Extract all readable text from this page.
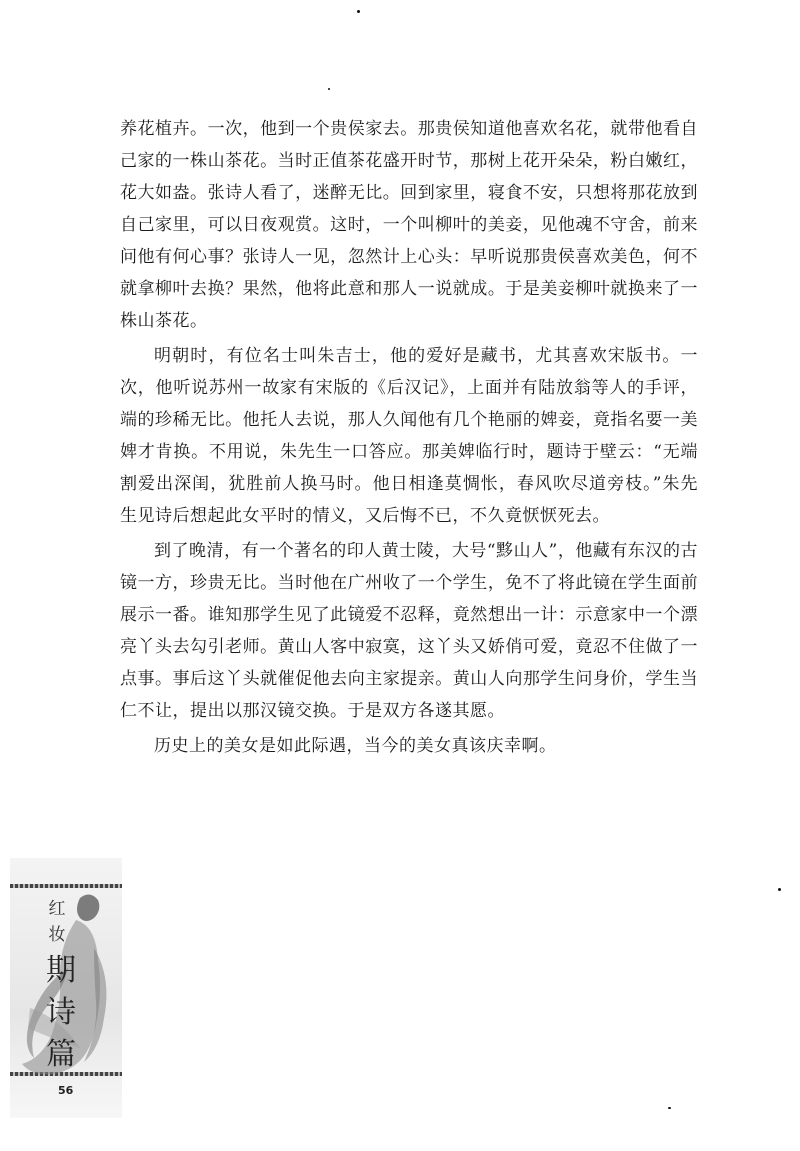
养花植卉。一次，他到一个贵侯家去。那贵侯知道他喜欢名花，就带他看自己家的一株山茶花。当时正值茶花盛开时节，那树上花开朵朵，粉白嫩红，花大如盎。张诗人看了，迷醉无比。回到家里，寝食不安，只想将那花放到自己家里，可以日夜观赏。这时，一个叫柳叶的美妾，见他魂不守舍，前来问他有何心事？张诗人一见，忽然计上心头：早听说那贵侯喜欢美色，何不就拿柳叶去换？果然，他将此意和那人一说就成。于是美妾柳叶就换来了一株山茶花。

明朝时，有位名士叫朱吉士，他的爱好是藏书，尤其喜欢宋版书。一次，他听说苏州一故家有宋版的《后汉记》，上面并有陆放翁等人的手评，端的珍稀无比。他托人去说，那人久闻他有几个艳丽的婢妾，竟指名要一美婢才肯换。不用说，朱先生一口答应。那美婢临行时，题诗于壁云：“无端割爱出深闺，犹胜前人换马时。他日相逢莫惆怅，春风吹尽道旁枝。”朱先生见诗后想起此女平时的情义，又后悔不已，不久竟恹恹死去。

到了晚清，有一个著名的印人黄士陵，大号“黟山人”，他藏有东汉的古镜一方，珍贵无比。当时他在广州收了一个学生，免不了将此镜在学生面前展示一番。谁知那学生见了此镜爱不忍释，竟然想出一计：示意家中一个漂亮丫头去勾引老师。黄山人客中寂寞，这丫头又娇俏可爱，竟忍不住做了一点事。事后这丫头就催促他去向主家提亲。黄山人向那学生问身价，学生当仁不让，提出以那汉镜交换。于是双方各遂其愿。

历史上的美女是如此际遇，当今的美女真该庆幸啊。

红妆
期诗篇
56
